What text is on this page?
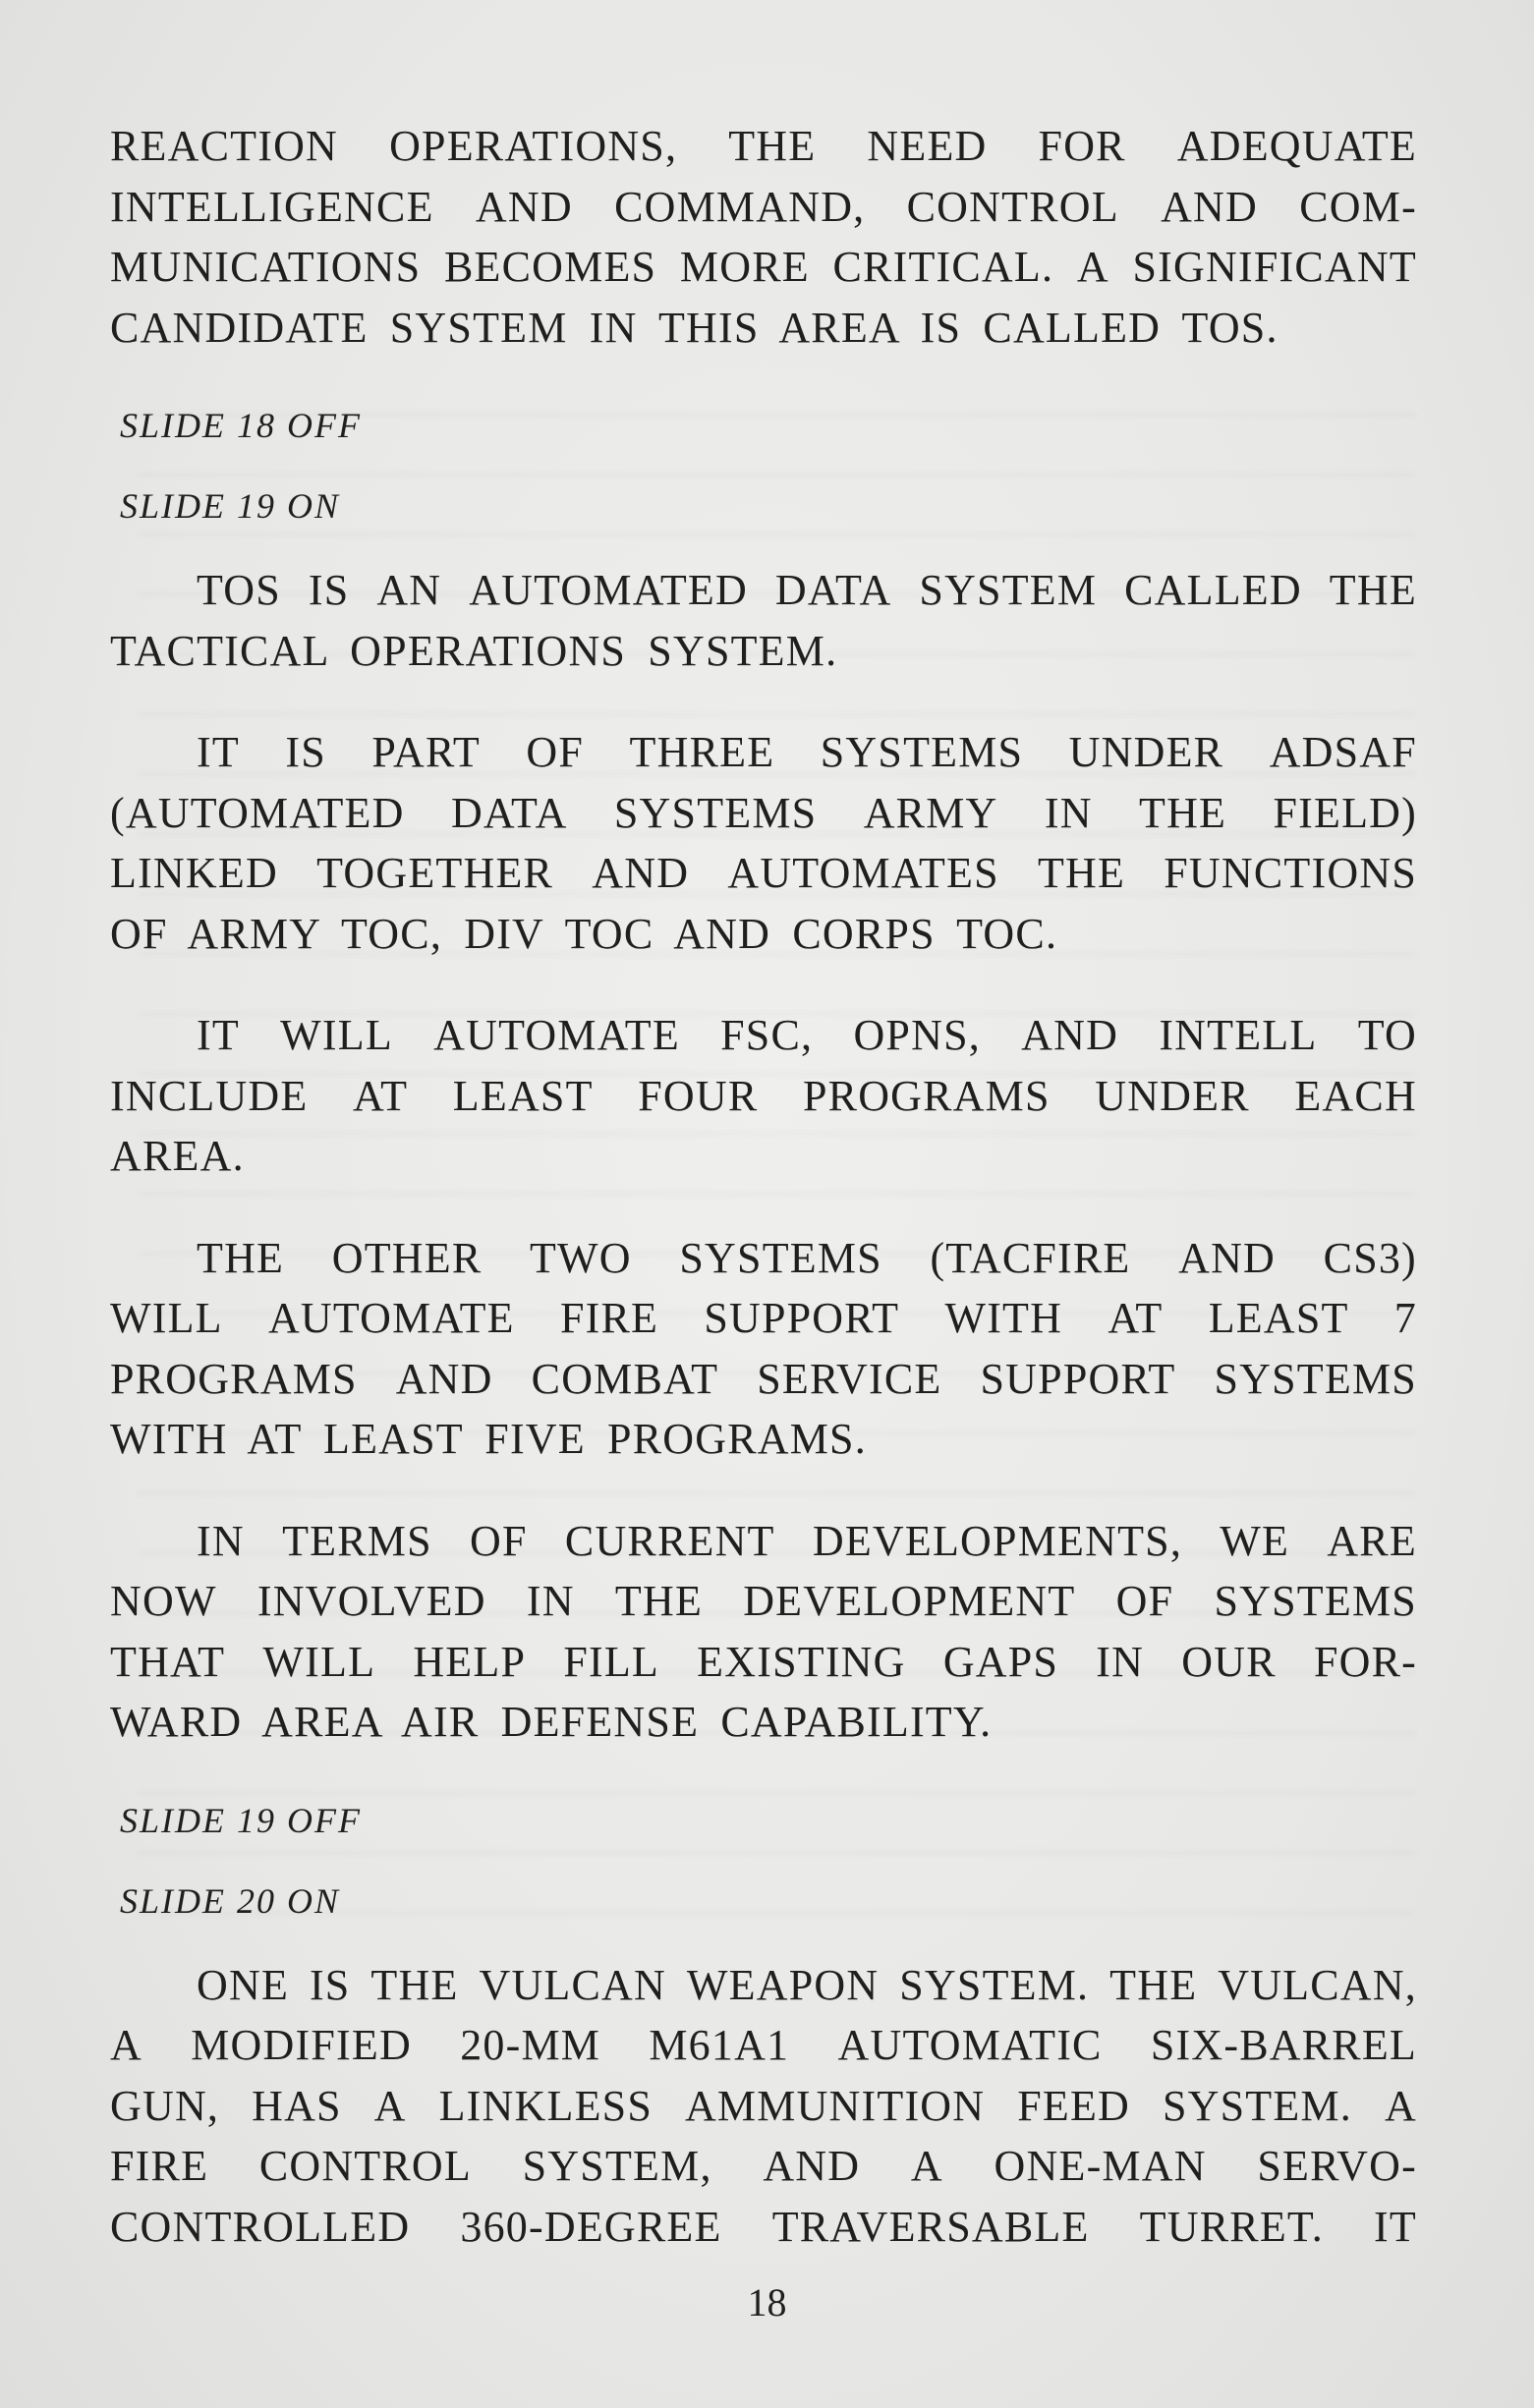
REACTION OPERATIONS, THE NEED FOR ADEQUATE
INTELLIGENCE AND COMMAND, CONTROL AND COM-
MUNICATIONS BECOMES MORE CRITICAL. A SIGNIFICANT
CANDIDATE SYSTEM IN THIS AREA IS CALLED TOS.
SLIDE 18 OFF
SLIDE 19 ON
TOS IS AN AUTOMATED DATA SYSTEM CALLED THE
TACTICAL OPERATIONS SYSTEM.
IT IS PART OF THREE SYSTEMS UNDER ADSAF
(AUTOMATED DATA SYSTEMS ARMY IN THE FIELD)
LINKED TOGETHER AND AUTOMATES THE FUNCTIONS
OF ARMY TOC, DIV TOC AND CORPS TOC.
IT WILL AUTOMATE FSC, OPNS, AND INTELL TO
INCLUDE AT LEAST FOUR PROGRAMS UNDER EACH
AREA.
THE OTHER TWO SYSTEMS (TACFIRE AND CS3)
WILL AUTOMATE FIRE SUPPORT WITH AT LEAST 7
PROGRAMS AND COMBAT SERVICE SUPPORT SYSTEMS
WITH AT LEAST FIVE PROGRAMS.
IN TERMS OF CURRENT DEVELOPMENTS, WE ARE
NOW INVOLVED IN THE DEVELOPMENT OF SYSTEMS
THAT WILL HELP FILL EXISTING GAPS IN OUR FOR-
WARD AREA AIR DEFENSE CAPABILITY.
SLIDE 19 OFF
SLIDE 20 ON
ONE IS THE VULCAN WEAPON SYSTEM. THE VULCAN,
A MODIFIED 20-MM M61A1 AUTOMATIC SIX-BARREL
GUN, HAS A LINKLESS AMMUNITION FEED SYSTEM. A
FIRE CONTROL SYSTEM, AND A ONE-MAN SERVO-
CONTROLLED 360-DEGREE TRAVERSABLE TURRET. IT
18
